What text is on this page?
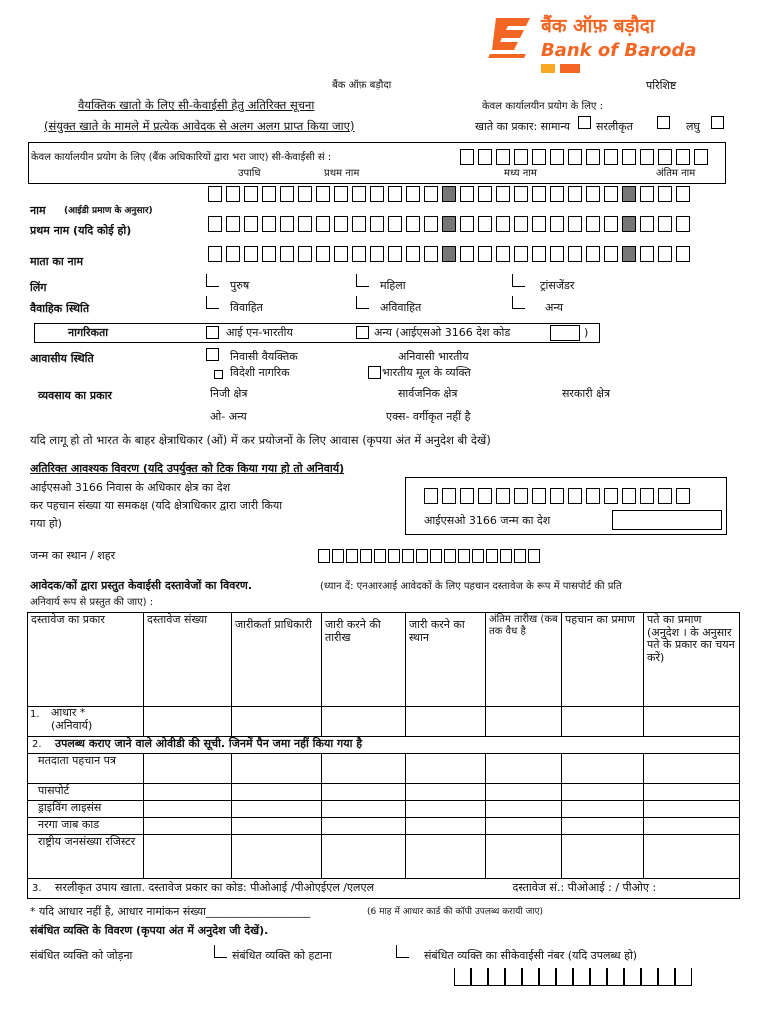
बैंक ऑफ़ बड़ौदा
Bank of Baroda
बैंक ऑफ़ बड़ौदा	परिशिष्ट
वैयक्तिक खातो के लिए सी-केवाईसी हेतु अतिरिक्त सूचना	केवल कार्यालयीन प्रयोग के लिए :
(संयुक्त खाते के मामले में प्रत्येक आवेदक से अलग अलग प्राप्त किया जाए)	खाते का प्रकार: सामान्य सरलीकृत	लघु
केवल कार्यालयीन प्रयोग के लिए (बैंक अधिकारियों द्वारा भरा जाए) सी-केवाईसी सं :
उपाधि	प्रथम नाम	मध्य नाम	अंतिम नाम
नाम (आईडी प्रमाण के अनुसार)
प्रथम नाम (यदि कोई हो)
माता का नाम
लिंग	पुरुष	महिला	ट्रांसजेंडर
वैवाहिक स्थिति	विवाहित	अविवाहित	अन्य
नागरिकता	आई एन-भारतीय	अन्य (आईएसओ 3166 देश कोड	)
आवासीय स्थिति	निवासी वैयक्तिक	अनिवासी भारतीय
विदेशी नागरिक	भारतीय मूल के व्यक्ति
व्यवसाय का प्रकार	निजी क्षेत्र	सार्वजनिक क्षेत्र	सरकारी क्षेत्र
ओ- अन्य	एक्स- वर्गीकृत नहीं है
यदि लागू हो तो भारत के बाहर क्षेत्राधिकार (ओं) में कर प्रयोजनों के लिए आवास (कृपया अंत में अनुदेश बी देखें)
अतिरिक्त आवश्यक विवरण (यदि उपर्युक्त को टिक किया गया हो तो अनिवार्य)
आईएसओ 3166 निवास के अधिकार क्षेत्र का देश
कर पहचान संख्या या समकक्ष (यदि क्षेत्राधिकार द्वारा जारी किया
गया हो)	आईएसओ 3166 जन्म का देश
जन्म का स्थान / शहर
आवेदक/कों द्वारा प्रस्तुत केवाईसी दस्तावेजों का विवरण.	(ध्यान दें: एनआरआई आवेदकों के लिए पहचान दस्तावेज के रूप में पासपोर्ट की प्रति
अनिवार्य रूप से प्रस्तुत की जाए) :
दस्तावेज का प्रकार	दस्तावेज संख्या	जारीकर्ता प्राधिकारी	जारी करने की तारीख	जारी करने का स्थान	अंतिम तारीख (कब तक वैध है	पहचान का प्रमाण	पते का प्रमाण (अनुदेश । के अनुसार पते के प्रकार का चयन करें)

1. आधार *
(अनिवार्य)							

2. उपलब्ध कराए जाने वाले ओवीडी की सूची. जिनमें पैन जमा नहीं किया गया है							
मतदाता पहचान पत्र							
पासपोर्ट							
ड्राइविंग लाइसंस							
नरगा जाब काड							
राष्ट्रीय जनसंख्या रजिस्टर							
3. सरलीकृत उपाय खाता. दस्तावेज प्रकार का कोड: पीओआई /पीओएईएल /एलएल दस्तावेज सं.: पीओआई : / पीओए :							
* यदि आधार नहीं है, आधार नामांकन संख्या___________________	(6 माह में आधार कार्ड की कॉपी उपलब्ध करायी जाए)
संबंधित व्यक्ति के विवरण (कृपया अंत में अनुदेश जी देखें).
संबंधित व्यक्ति को जोड़ना	संबंधित व्यक्ति को हटाना	संबंधित व्यक्ति का सीकेवाईसी नंबर (यदि उपलब्ध हो)
